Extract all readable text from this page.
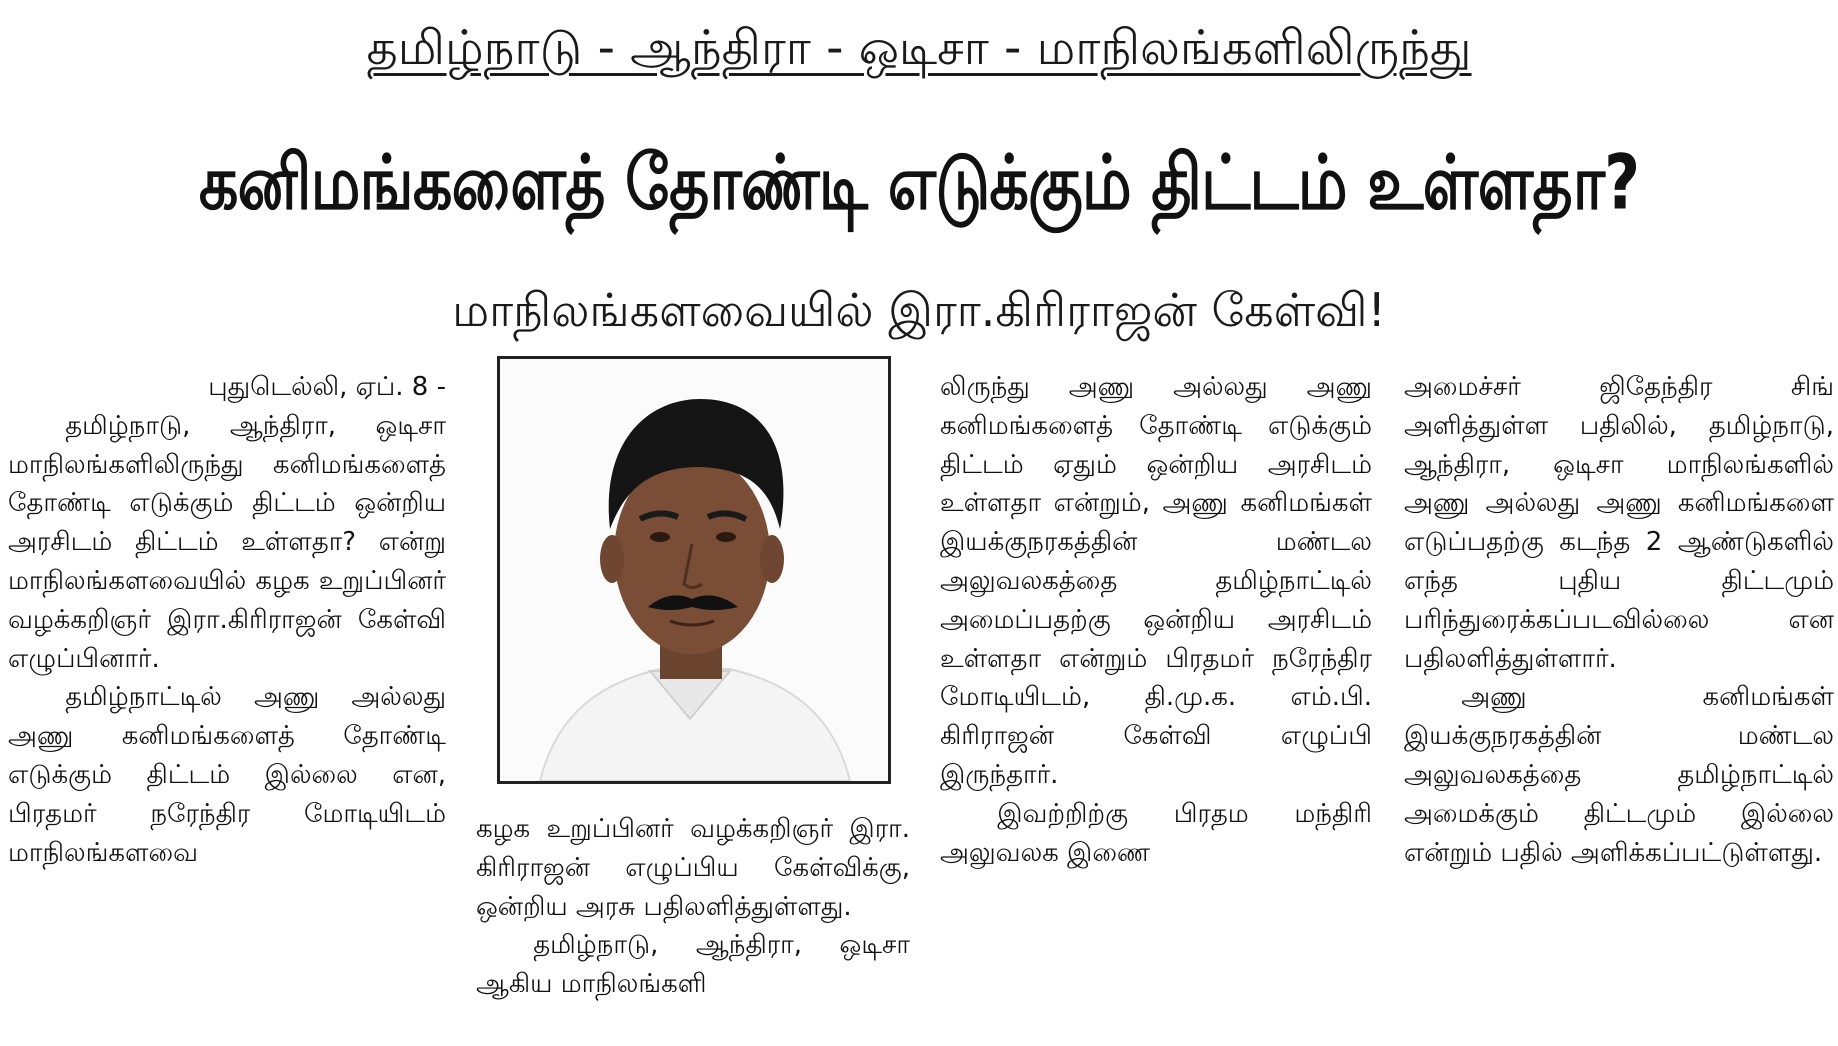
தமிழ்நாடு - ஆந்திரா - ஒடிசா - மாநிலங்களிலிருந்து
கனிமங்களைத் தோண்டி எடுக்கும் திட்டம் உள்ளதா?
மாநிலங்களவையில் இரா.கிரிராஜன் கேள்வி!

புதுடெல்லி, ஏப். 8 -

தமிழ்நாடு, ஆந்திரா, ஒடிசா மாநிலங்களிலிருந்து கனிமங்களைத் தோண்டி எடுக்கும் திட்டம் ஒன்றிய அரசிடம் திட்டம் உள்ளதா? என்று மாநிலங்களவையில் கழக உறுப்பினர் வழக்கறிஞர் இரா.கிரிராஜன் கேள்வி எழுப்பினார்.

தமிழ்நாட்டில் அணு அல்லது அணு கனிமங்களைத் தோண்டி எடுக்கும் திட்டம் இல்லை என, பிரதமர் நரேந்திர மோடியிடம் மாநிலங்களவை

கழக உறுப்பினர் வழக்கறிஞர் இரா. கிரிராஜன் எழுப்பிய கேள்விக்கு, ஒன்றிய அரசு பதிலளித்துள்ளது.

தமிழ்நாடு, ஆந்திரா, ஒடிசா ஆகிய மாநிலங்களி

லிருந்து அணு அல்லது அணு கனிமங்களைத் தோண்டி எடுக்கும் திட்டம் ஏதும் ஒன்றிய அரசிடம் உள்ளதா என்றும், அணு கனிமங்கள் இயக்குநரகத்தின் மண்டல அலுவலகத்தை தமிழ்நாட்டில் அமைப்பதற்கு ஒன்றிய அரசிடம் உள்ளதா என்றும் பிரதமர் நரேந்திர மோடியிடம், தி.மு.க. எம்.பி. கிரிராஜன் கேள்வி எழுப்பி இருந்தார்.

இவற்றிற்கு பிரதம மந்திரி அலுவலக இணை

அமைச்சர் ஜிதேந்திர சிங் அளித்துள்ள பதிலில், தமிழ்நாடு, ஆந்திரா, ஒடிசா மாநிலங்களில் அணு அல்லது அணு கனிமங்களை எடுப்பதற்கு கடந்த 2 ஆண்டுகளில் எந்த புதிய திட்டமும் பரிந்துரைக்கப்படவில்லை என பதிலளித்துள்ளார்.

அணு கனிமங்கள் இயக்குநரகத்தின் மண்டல அலுவலகத்தை தமிழ்நாட்டில் அமைக்கும் திட்டமும் இல்லை என்றும் பதில் அளிக்கப்பட்டுள்ளது.
